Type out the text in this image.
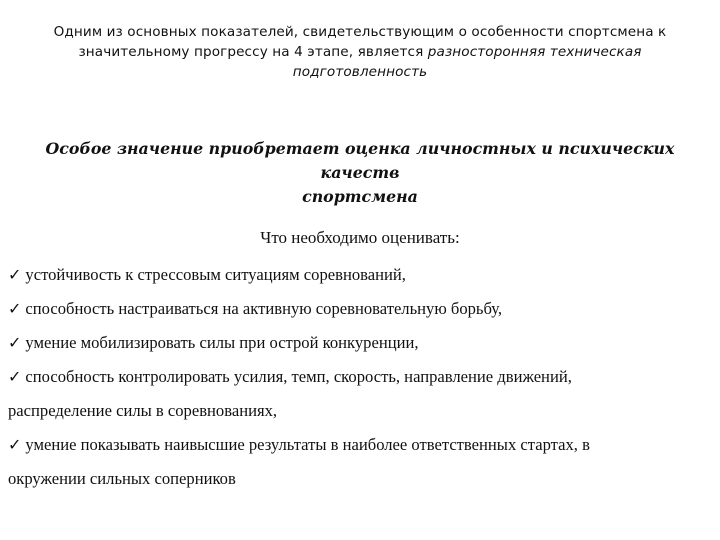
Одним из основных показателей, свидетельствующим о особенности спортсмена к
значительному прогрессу на 4 этапе, является разносторонняя техническая
подготовленность
Особое значение приобретает оценка личностных и психических качеств
спортсмена
Что необходимо оценивать:
✓ устойчивость к стрессовым ситуациям соревнований,
✓ способность настраиваться на активную соревновательную борьбу,
✓ умение мобилизировать силы при острой конкуренции,
✓ способность контролировать усилия, темп, скорость, направление движений,
распределение силы в соревнованиях,
✓ умение показывать наивысшие результаты в наиболее ответственных стартах, в
окружении сильных соперников
